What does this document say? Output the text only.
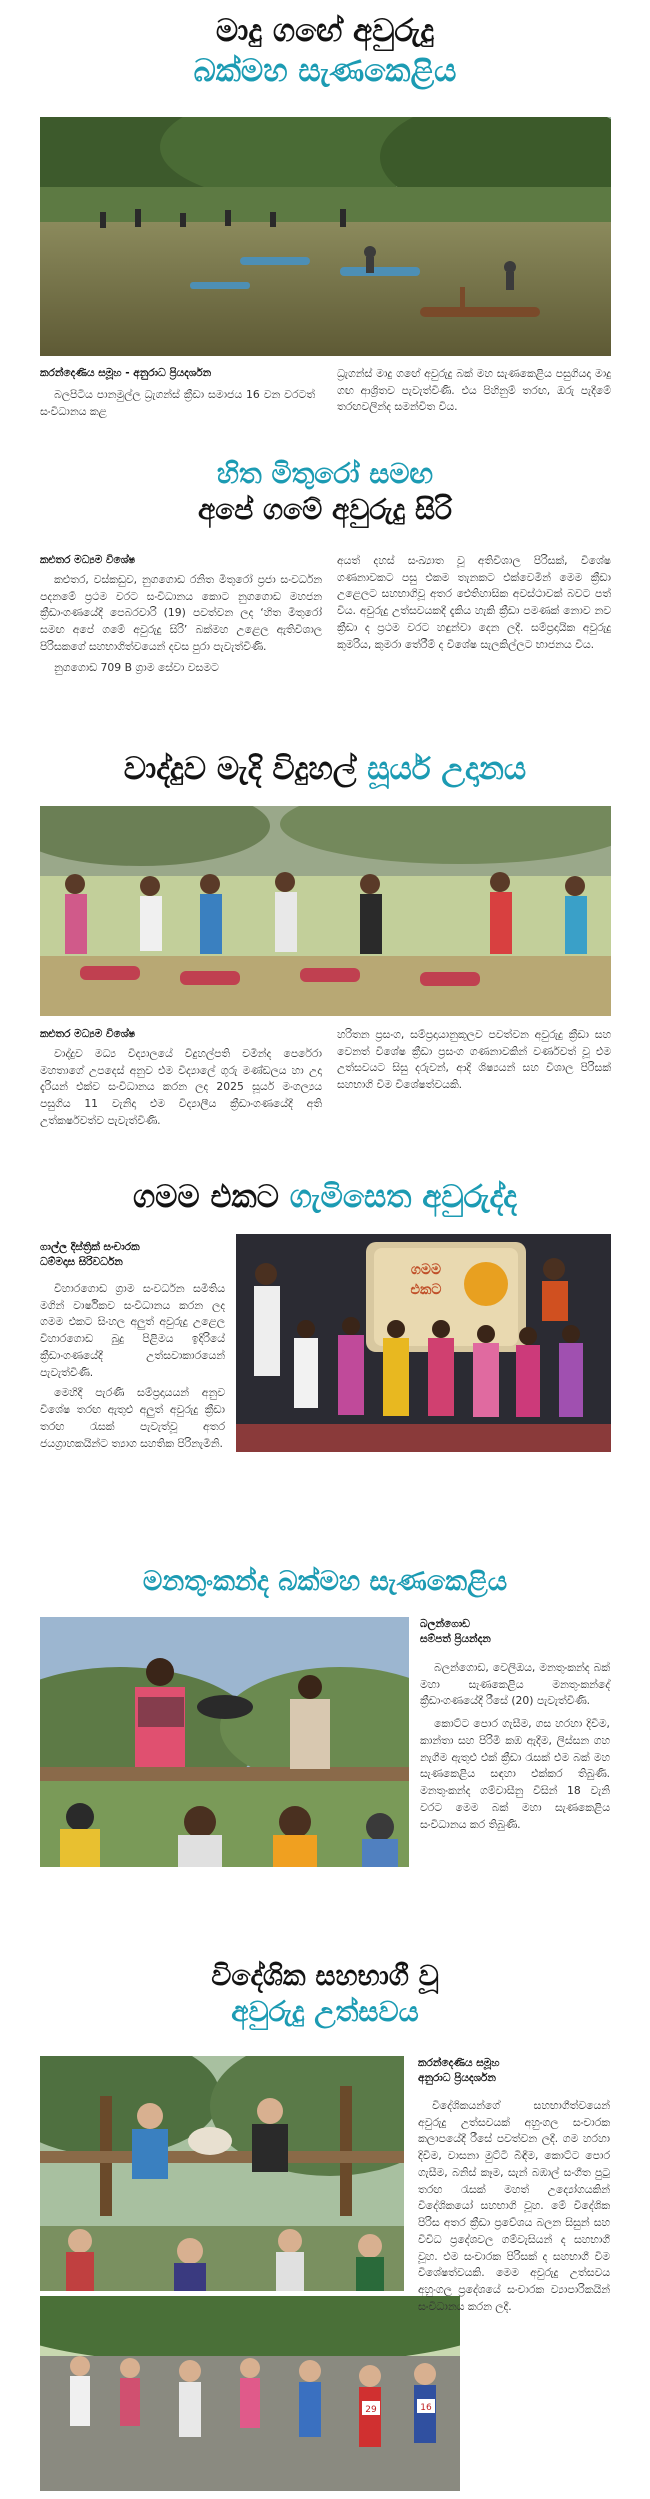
මාදු ගඟේ අවුරුදු
බක්මහ සැණකෙළිය
කරන්දෙණිය සමූහ - අනුරාධ ප්‍රියදර්ශන

බලපිටිය පානමුල්ල ධ්‍රැගන්ස් ක්‍රීඩා සමාජය 16 වන වරටත් සංවිධානය කළ

ධ්‍රැගන්ස් මාදු ගඟේ අවුරුදු බක් මහ සැණකෙළිය පසුගියදා මාදු ගඟ ආශ්‍රිතව පැවැත්විණි. එය පිහිනුම් තරඟ, ඔරු පැදීමේ තරඟවලින්ද සමන්විත විය.

හිත මිතුරෝ සමඟ
අපේ ගමේ අවුරුදු සිරි
කළුතර මධ්‍යම විශේෂ

කළුතර, වස්කඩුව, නුගගොඩ රනිත මිතුරෝ ප්‍රජා සංවර්ධන පදනමේ ප්‍රථම වරට සංවිධානය කොට නුගගොඩ මහජන ක්‍රීඩාංගණයේදී පෙබරවාරි (19) පවත්වන ලද ‘හිත මිතුරෝ සමඟ අපේ ගමේ අවුරුදු සිරි’ බක්මහ උළෙල ඇතිවිශාල පිරිසකගේ සහභාගිත්වයෙන් දවස පුරා පැවැත්විණි.

නුගගොඩ 709 B ග්‍රාම සේවා වසමට

අයත් දහස් සංඛ්‍යාත වූ අතිවිශාල පිරිසක්, විශේෂ ගණනාවකට පසු එකම තැනකට එක්වෙමින් මෙම ක්‍රීඩා උළෙලට සහභාගිවූ අතර ඓතිහාසික අවස්ථාවක් බවට පත් විය. අවුරුදු උත්සවයකදී දැකිය හැකි ක්‍රීඩා පමණක් නොව නව ක්‍රීඩා ද ප්‍රථම වරට හඳුන්වා දෙන ලදී. සම්ප්‍රදායික අවුරුදු කුමරිය, කුමරා තේරීම් ද විශේෂ සැලකිල්ලට භාජනය විය.

වාද්දුව මැදි විදුහල් සූර්ය උදානය
කළුතර මධ්‍යම විශේෂ

වාද්දුව මධ්‍ය විද්‍යාලයේ විදුහල්පති චමින්ද පෙරේරා මහතාගේ උපදෙස් අනුව එම විද්‍යාලේ ගුරු මණ්ඩලය හා උදා දැරියන් එක්ව සංවිධානය කරන ලද 2025 සූර්ය මංගල්‍යය පසුගිය 11 වැනිදා එම විද්‍යාලීය ක්‍රීඩාංගණයේදී අති උත්කර්ෂවත්ව පැවැත්විණි.

හරිතන ප්‍රසංග, සම්ප්‍රදායානුකූලව පවත්වන අවුරුදු ක්‍රීඩා සහ වෙනත් විශේෂ ක්‍රීඩා ප්‍රසංග ගණනාවකින් වර්ණවත් වූ එම උත්සවයට සිසු දරුවන්, ආදි ශිෂ්‍යයන් සහ විශාල පිරිසක් සහභාගි වීම විශේෂත්වයකි.

ගමම එකට ගැමිසෙත අවුරුද්ද
ගාල්ල දිස්ත්‍රික් සංචාරක
ධම්මදාස සිරිවර්ධන

විහාරගොඩ ග්‍රාම සංවර්ධන සමිතිය මගින් වාර්ෂිකව සංවිධානය කරන ලද ගමම එකට සිංහල අලුත් අවුරුදු උළෙල විහාරගොඩ බුදු පිළිමය ඉදිරියේ ක්‍රීඩාංගණයේදී උත්සවාකාරයෙන් පැවැත්විණි.

මෙහිදී පැරණි සම්ප්‍රදායයන් අනුව විශේෂ තරඟ ඇතුළු අලුත් අවුරුදු ක්‍රීඩා තරඟ රැසක් පැවැත්වූ අතර ජයග්‍රාහකයින්ට ත්‍යාග සහතික පිරිනැමිනි.

ගමම
එකට
මනතුංකන්ද බක්මහ සැණකෙළිය
බලන්ගොඩ
සම්පත් ප්‍රියන්දන

බලන්ගොඩ, වෙලිඔය, මනතුංකන්ද බක් මහා සැණකෙළිය මනතුංකන්දේ ක්‍රීඩාංගණයේදී රීසේ (20) පැවැත්විණි.

කොට්ට පොර ගැසීම, ගස හරහා දිවීම, කාන්තා සහ පිරිමි කඹ ඇදීම, ලිස්සන ගහ නැගීම ඇතුළු එක් ක්‍රීඩා රැසක් එම බක් මහ සැණකෙළිය සඳහා එක්කර තිබුණි. මනතුංකන්ද ගම්වාසීනු විසින් 18 වැනි වරට මෙම බක් මහා සැණකෙළිය සංවිධානය කර තිබුණි.

විදේශික සහභාගී වූ
අවුරුදු උත්සවය
29	16
කරන්දෙණිය සමූහ
අනුරාධ ප්‍රියදර්ශන

විදේශිකයන්ගේ සහභාගීත්වයෙන් අවුරුදු උත්සවයක් අහුංගල සංචාරක කලාපයේදී රීසේ පවත්වන ලදී. ගම හරහා දිවීම, වාසනා මුට්ටි බිඳීම, කොට්ට පොර ගැසීම, බනිස් කෑම, සැන් බඹාල් සංගීත පුටු තරඟ රැසක් මහත් උද්‍යෝගයකින් විදේශිකයෝ සහභාගි වූහ. මේ විදේශික පිරිස අතර ක්‍රීඩා ප්‍රවේශය බලන සිසුන් සහ විවිධ ප්‍රදේශවල ගම්වැසියන් ද සහභාගී වූහ. එම සංචාරක පිරිසක් ද සහභාගී වීම විශේෂත්වයකි. මෙම අවුරුදු උත්සවය අහුංගල ප්‍රදේශයේ සංචාරක ව්‍යාපාරිකයින් සංවිධානය කරන ලදී.
